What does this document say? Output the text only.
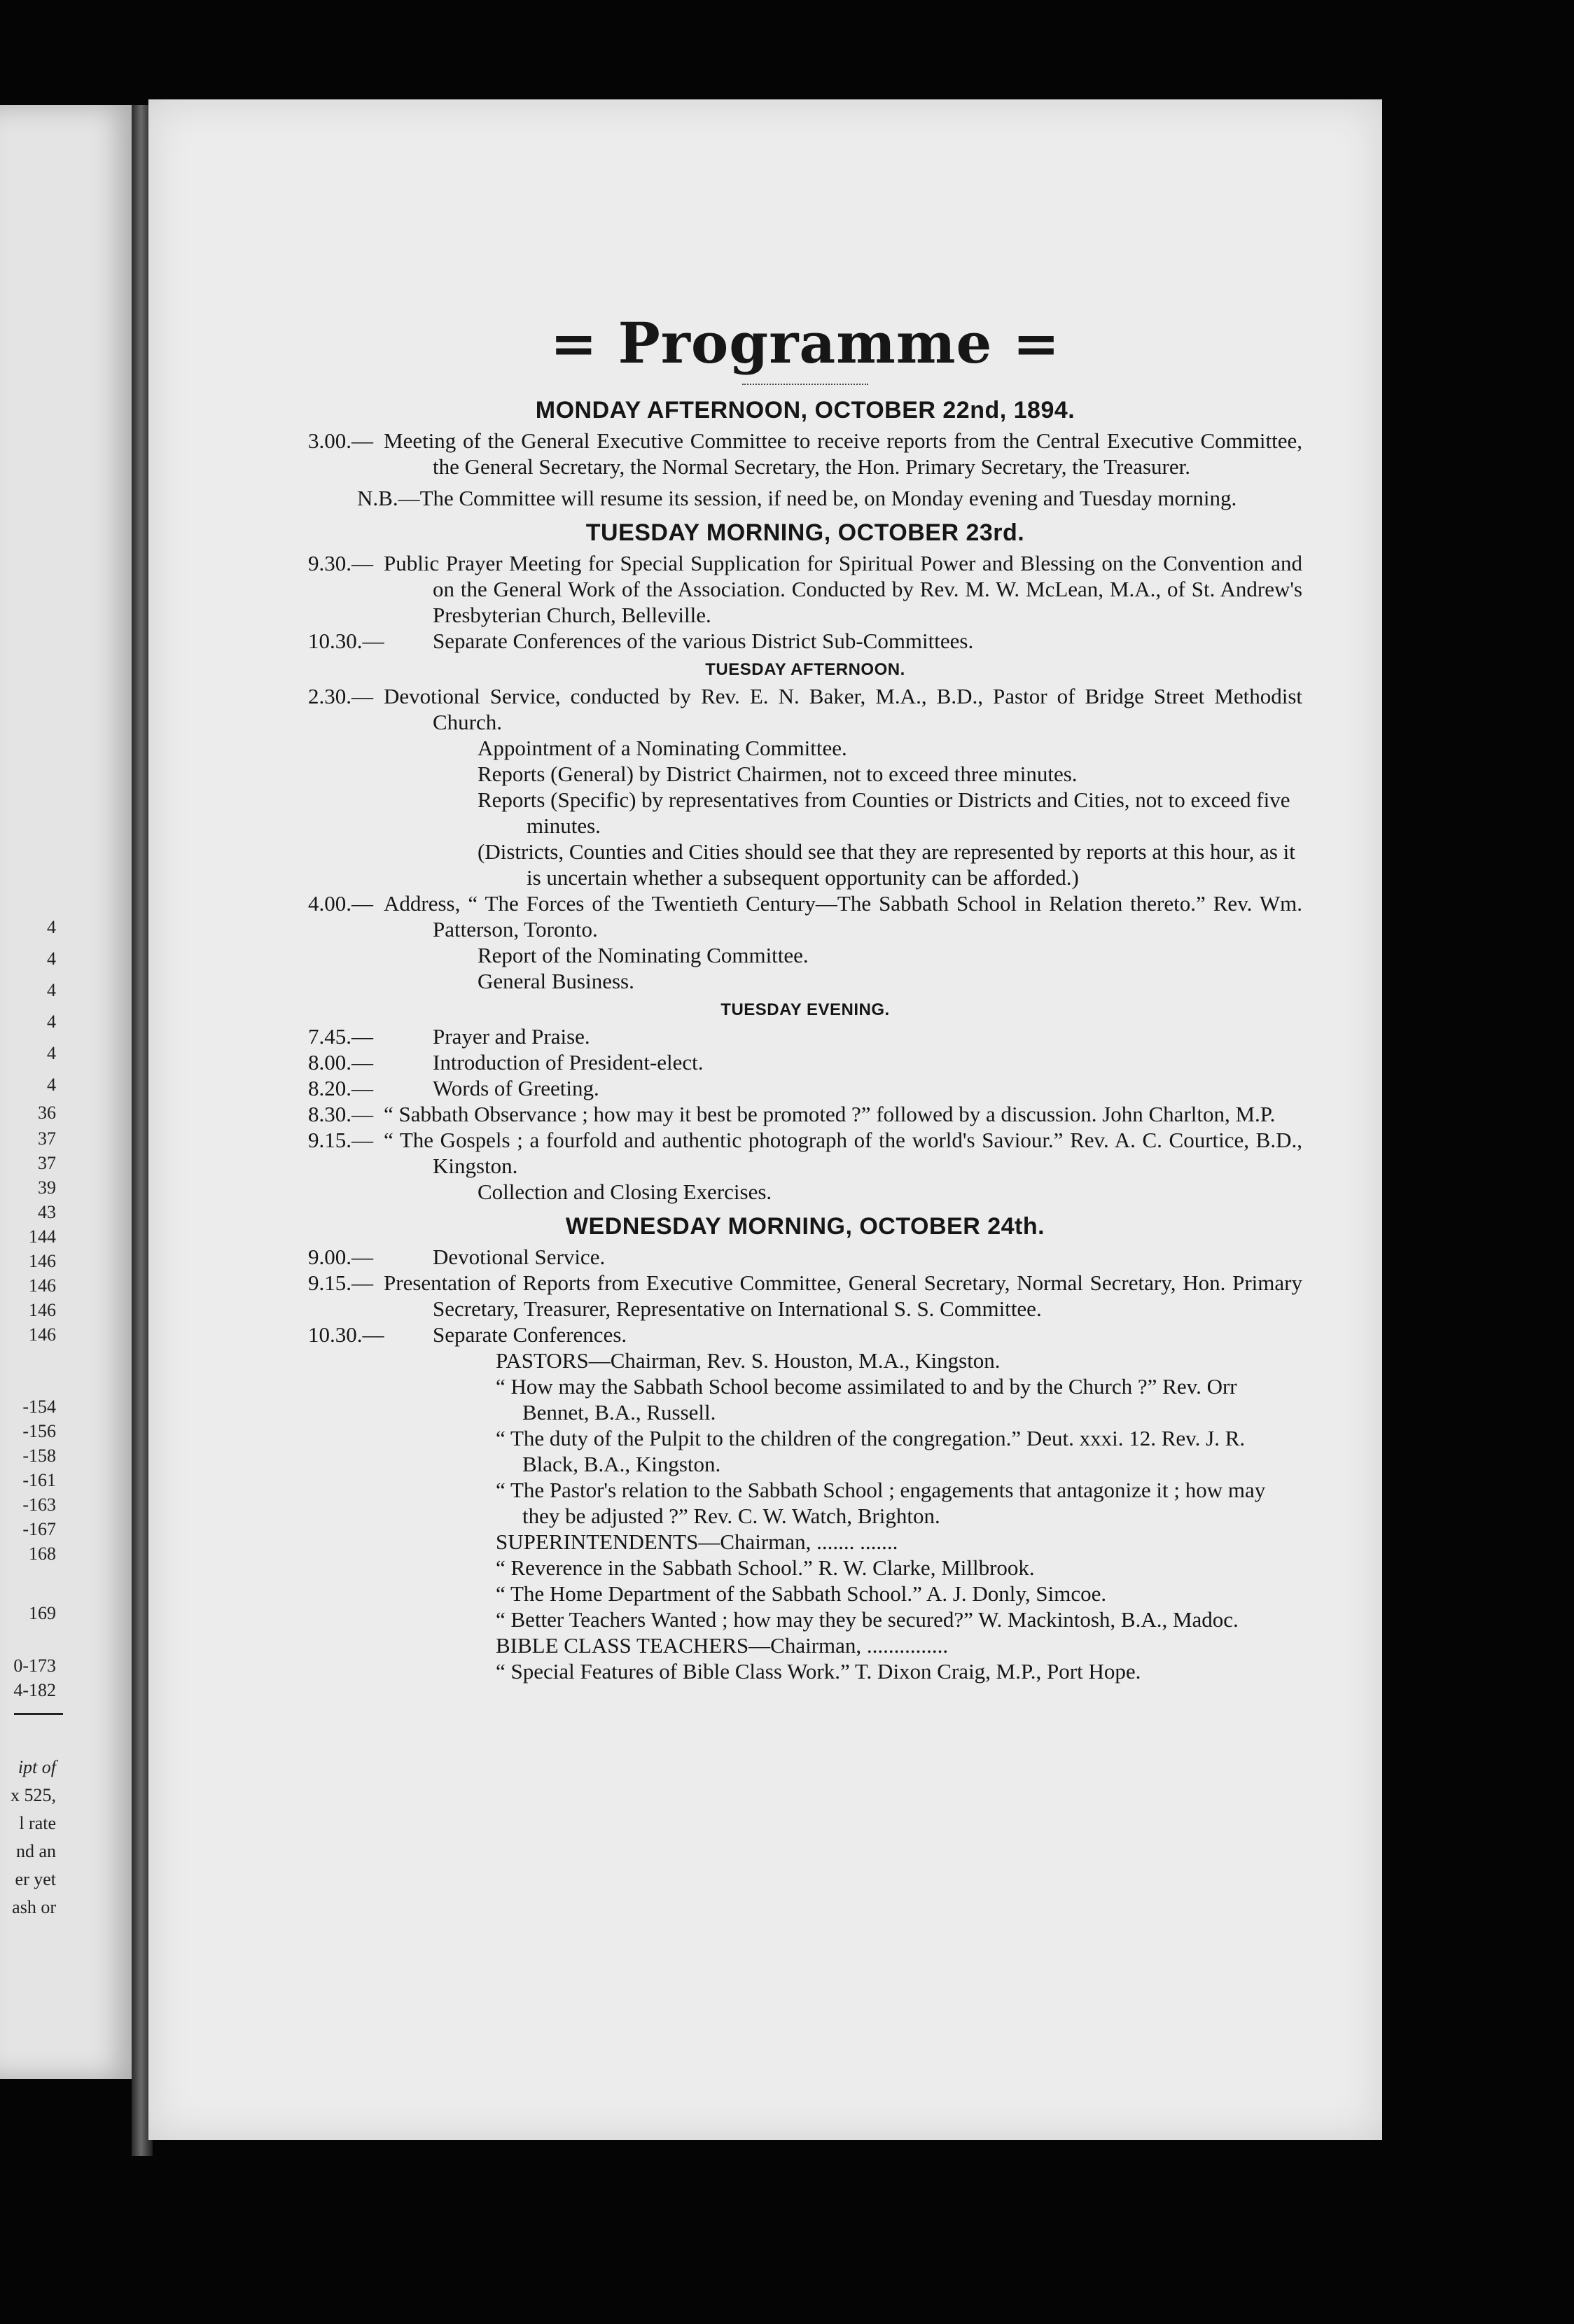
4
4
4
4
4
4
36
37
37
39
43
144
146
146
146
146
-154
-156
-158
-161
-163
-167
168
169
0-173
4-182
ipt of
x 525,
l rate
nd an
er yet
ash or
= Programme =
MONDAY AFTERNOON, OCTOBER 22nd, 1894.

3.00.— Meeting of the General Executive Committee to receive reports from the Central Executive Committee, the General Secretary, the Normal Secretary, the Hon. Primary Secretary, the Treasurer.

N.B.—The Committee will resume its session, if need be, on Monday evening and Tuesday morning.

TUESDAY MORNING, OCTOBER 23rd.

9.30.— Public Prayer Meeting for Special Supplication for Spiritual Power and Blessing on the Convention and on the General Work of the Association. Conducted by Rev. M. W. McLean, M.A., of St. Andrew's Presbyterian Church, Belleville.

10.30.—	Separate Conferences of the various District Sub-Committees.

TUESDAY AFTERNOON.

2.30.— Devotional Service, conducted by Rev. E. N. Baker, M.A., B.D., Pastor of Bridge Street Methodist Church.

Appointment of a Nominating Committee.

Reports (General) by District Chairmen, not to exceed three minutes.

Reports (Specific) by representatives from Counties or Districts and Cities, not to exceed five minutes.

(Districts, Counties and Cities should see that they are represented by reports at this hour, as it is uncertain whether a subsequent opportunity can be afforded.)

4.00.— Address, “ The Forces of the Twentieth Century—The Sabbath School in Relation thereto.” Rev. Wm. Patterson, Toronto.

Report of the Nominating Committee.

General Business.

TUESDAY EVENING.

7.45.—	Prayer and Praise.

8.00.—	Introduction of President-elect.

8.20.—	Words of Greeting.

8.30.— “ Sabbath Observance ; how may it best be promoted ?” followed by a discussion. John Charlton, M.P.

9.15.— “ The Gospels ; a fourfold and authentic photograph of the world's Saviour.” Rev. A. C. Courtice, B.D., Kingston.

Collection and Closing Exercises.

WEDNESDAY MORNING, OCTOBER 24th.

9.00.—	Devotional Service.

9.15.— Presentation of Reports from Executive Committee, General Secretary, Normal Secretary, Hon. Primary Secretary, Treasurer, Representative on International S. S. Committee.

10.30.—	Separate Conferences.

PASTORS—Chairman, Rev. S. Houston, M.A., Kingston.

“ How may the Sabbath School become assimilated to and by the Church ?” Rev. Orr Bennet, B.A., Russell.

“ The duty of the Pulpit to the children of the congregation.” Deut. xxxi. 12. Rev. J. R. Black, B.A., Kingston.

“ The Pastor's relation to the Sabbath School ; engagements that antagonize it ; how may they be adjusted ?” Rev. C. W. Watch, Brighton.

SUPERINTENDENTS—Chairman, ....... .......

“ Reverence in the Sabbath School.” R. W. Clarke, Millbrook.

“ The Home Department of the Sabbath School.” A. J. Donly, Simcoe.

“ Better Teachers Wanted ; how may they be secured?” W. Mackintosh, B.A., Madoc.

BIBLE CLASS TEACHERS—Chairman, ...............

“ Special Features of Bible Class Work.” T. Dixon Craig, M.P., Port Hope.
